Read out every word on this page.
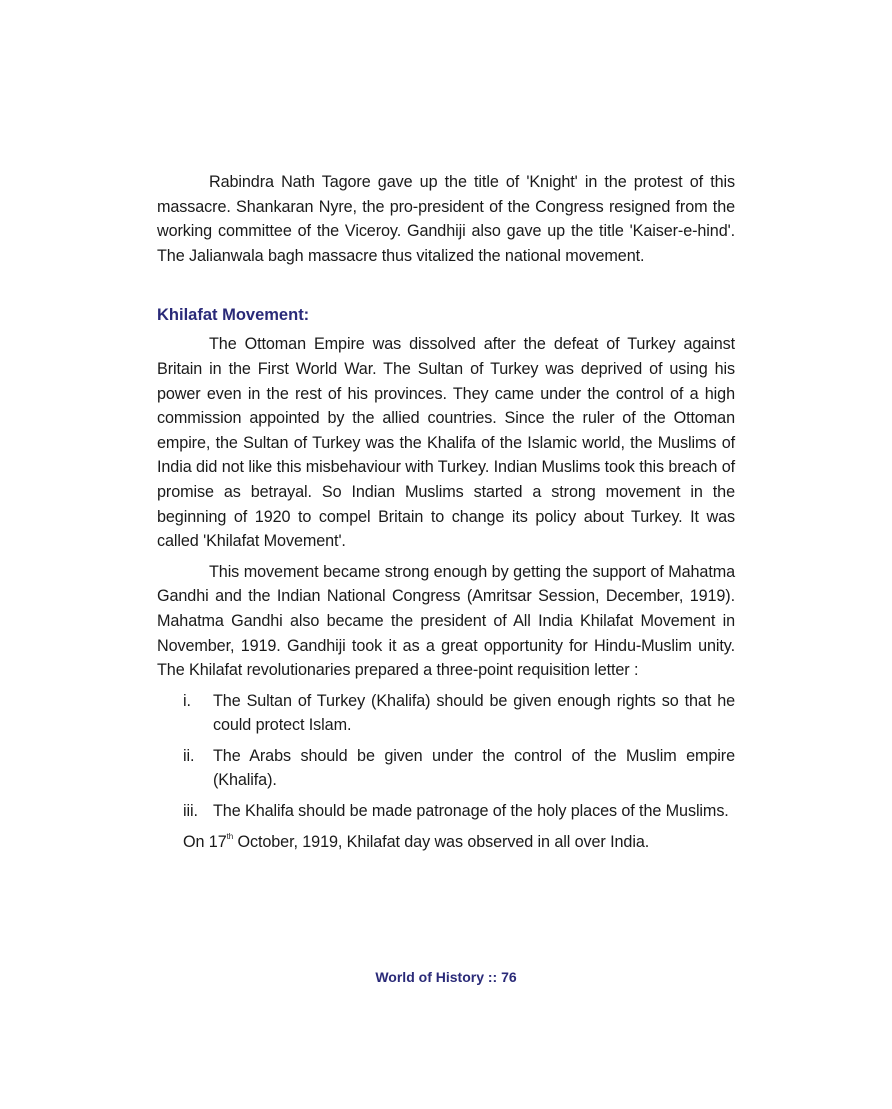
Rabindra Nath Tagore gave up the title of 'Knight' in the protest of this massacre. Shankaran Nyre, the pro-president of the Congress resigned from the working committee of the Viceroy. Gandhiji also gave up the title 'Kaiser-e-hind'. The Jalianwala bagh massacre thus vitalized the national movement.

Khilafat Movement:

The Ottoman Empire was dissolved after the defeat of Turkey against Britain in the First World War. The Sultan of Turkey was deprived of using his power even in the rest of his provinces. They came under the control of a high commission appointed by the allied countries. Since the ruler of the Ottoman empire, the Sultan of Turkey was the Khalifa of the Islamic world, the Muslims of India did not like this misbehaviour with Turkey. Indian Muslims took this breach of promise as betrayal. So Indian Muslims started a strong movement in the beginning of 1920 to compel Britain to change its policy about Turkey. It was called 'Khilafat Movement'.

This movement became strong enough by getting the support of Mahatma Gandhi and the Indian National Congress (Amritsar Session, December, 1919). Mahatma Gandhi also became the president of All India Khilafat Movement in November, 1919. Gandhiji took it as a great opportunity for Hindu-Muslim unity. The Khilafat revolutionaries prepared a three-point requisition letter :

i.	The Sultan of Turkey (Khalifa) should be given enough rights so that he could protect Islam.
ii.	The Arabs should be given under the control of the Muslim empire (Khalifa).
iii. The Khalifa should be made patronage of the holy places of the Muslims.

On 17th October, 1919, Khilafat day was observed in all over India.

World of History :: 76
